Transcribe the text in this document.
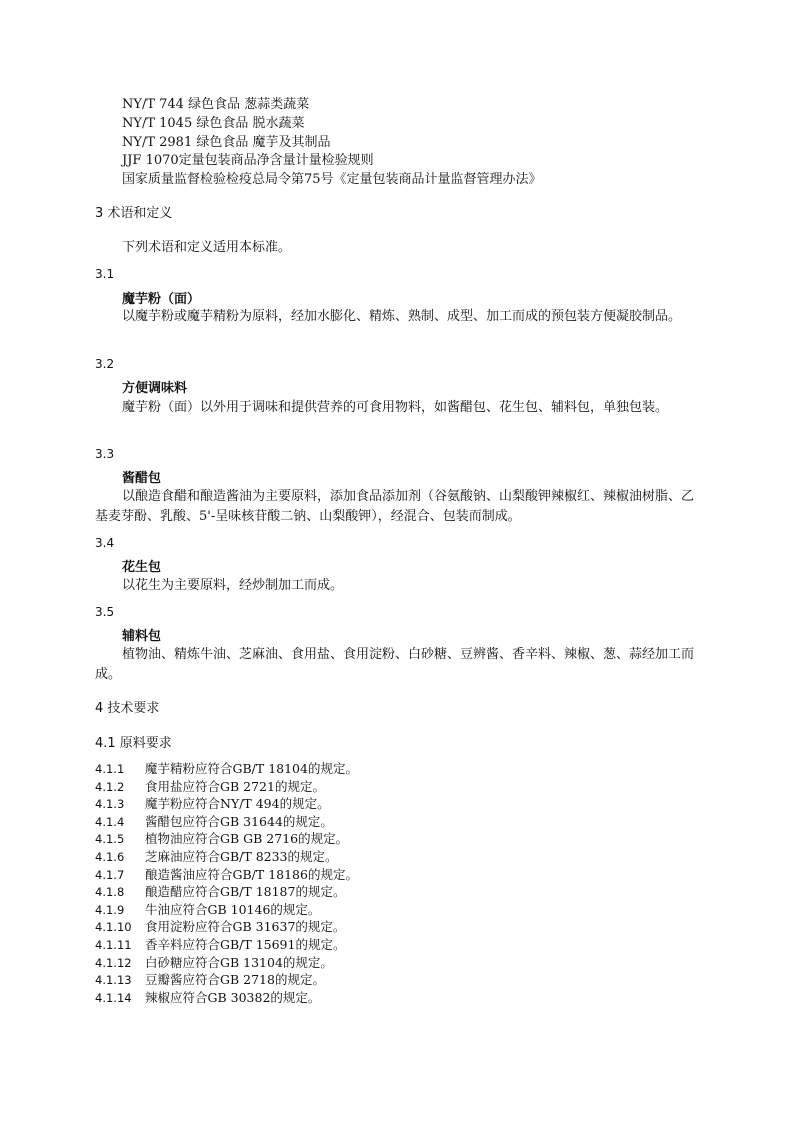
NY/T 744 绿色食品 葱蒜类蔬菜
NY/T 1045 绿色食品 脱水蔬菜
NY/T 2981 绿色食品 魔芋及其制品
JJF 1070定量包装商品净含量计量检验规则
国家质量监督检验检疫总局令第75号《定量包装商品计量监督管理办法》
3 术语和定义
下列术语和定义适用本标准。
3.1
魔芋粉（面）
以魔芋粉或魔芋精粉为原料，经加水膨化、精炼、熟制、成型、加工而成的预包装方便凝胶制品。
3.2
方便调味料
魔芋粉（面）以外用于调味和提供营养的可食用物料，如酱醋包、花生包、辅料包，单独包装。
3.3
酱醋包
以酿造食醋和酿造酱油为主要原料，添加食品添加剂（谷氨酸钠、山梨酸钾辣椒红、辣椒油树脂、乙基麦芽酚、乳酸、5'-呈味核苷酸二钠、山梨酸钾），经混合、包装而制成。
3.4
花生包
以花生为主要原料，经炒制加工而成。
3.5
辅料包
植物油、精炼牛油、芝麻油、食用盐、食用淀粉、白砂糖、豆辨酱、香辛料、辣椒、葱、蒜经加工而成。
4 技术要求
4.1 原料要求
4.1.1 魔芋精粉应符合GB/T 18104的规定。
4.1.2 食用盐应符合GB 2721的规定。
4.1.3 魔芋粉应符合NY/T 494的规定。
4.1.4 酱醋包应符合GB 31644的规定。
4.1.5 植物油应符合GB GB 2716的规定。
4.1.6 芝麻油应符合GB/T 8233的规定。
4.1.7 酿造酱油应符合GB/T 18186的规定。
4.1.8 酿造醋应符合GB/T 18187的规定。
4.1.9 牛油应符合GB 10146的规定。
4.1.10 食用淀粉应符合GB 31637的规定。
4.1.11 香辛料应符合GB/T 15691的规定。
4.1.12 白砂糖应符合GB 13104的规定。
4.1.13 豆瓣酱应符合GB 2718的规定。
4.1.14 辣椒应符合GB 30382的规定。
